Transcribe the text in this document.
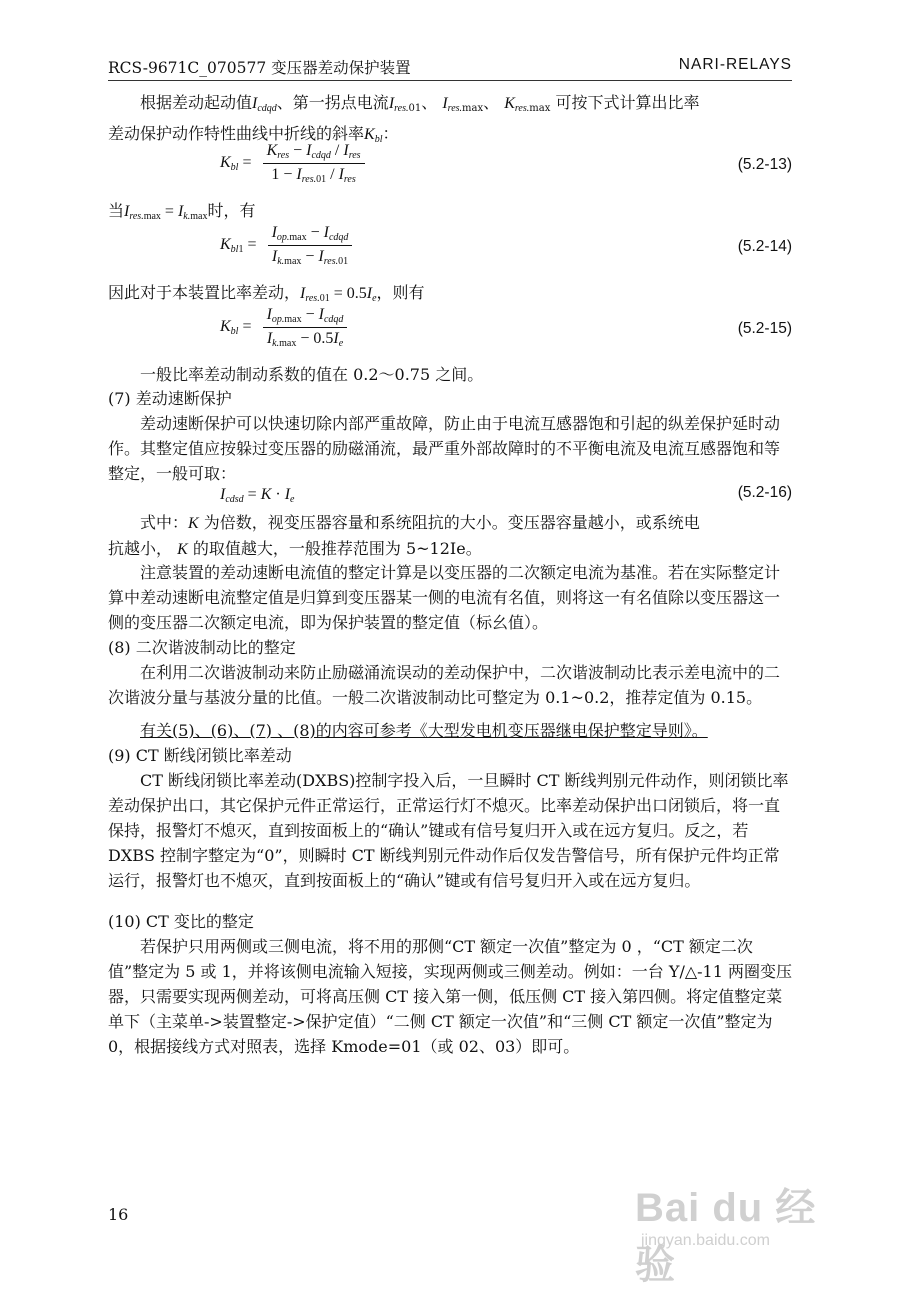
RCS-9671C_070577 变压器差动保护装置	NARI-RELAYS
根据差动起动值$I_{cdqd}$、第一拐点电流$I_{res.}01$、 $I_{res.}\max$、 $K_{res.}\max$ 可按下式计算出比率
差动保护动作特性曲线中折线的斜率$K_{bl}$：
$K_{bl} = \frac{K_{res} - I_{cdqd} / I_{res}}{1 - I_{res.01} / I_{res}}$	(5.2-13)
当$I_{res.max} = I_{k.max}$时，有
$K_{bl1} = \frac{I_{op.max} - I_{cdqd}}{I_{k.max} - I_{res.01}}$	(5.2-14)
因此对于本装置比率差动，$I_{res.01} = 0.5I_e$，则有
$K_{bl} = \frac{I_{op.max} - I_{cdqd}}{I_{k.max} - 0.5I_e}$	(5.2-15)
一般比率差动制动系数的值在 0.2～0.75 之间。
(7) 差动速断保护
差动速断保护可以快速切除内部严重故障，防止由于电流互感器饱和引起的纵差保护延时动作。其整定值应按躲过变压器的励磁涌流，最严重外部故障时的不平衡电流及电流互感器饱和等整定，一般可取：
$I_{cdsd} = K \cdot I_e$	(5.2-16)
式中：K 为倍数，视变压器容量和系统阻抗的大小。变压器容量越小，或系统电
抗越小， K 的取值越大，一般推荐范围为 5~12Ie。
注意装置的差动速断电流值的整定计算是以变压器的二次额定电流为基准。若在实际整定计算中差动速断电流整定值是归算到变压器某一侧的电流有名值，则将这一有名值除以变压器这一侧的变压器二次额定电流，即为保护装置的整定值（标幺值）。
(8) 二次谐波制动比的整定
在利用二次谐波制动来防止励磁涌流误动的差动保护中，二次谐波制动比表示差电流中的二次谐波分量与基波分量的比值。一般二次谐波制动比可整定为 0.1~0.2，推荐定值为 0.15。
有关(5)、(6)、(7) 、(8)的内容可参考《大型发电机变压器继电保护整定导则》。
(9) CT 断线闭锁比率差动
CT 断线闭锁比率差动(DXBS)控制字投入后，一旦瞬时 CT 断线判别元件动作，则闭锁比率差动保护出口，其它保护元件正常运行，正常运行灯不熄灭。比率差动保护出口闭锁后，将一直保持，报警灯不熄灭，直到按面板上的“确认”键或有信号复归开入或在远方复归。反之，若 DXBS 控制字整定为“0”，则瞬时 CT 断线判别元件动作后仅发告警信号，所有保护元件均正常运行，报警灯也不熄灭，直到按面板上的“确认”键或有信号复归开入或在远方复归。
(10) CT 变比的整定
若保护只用两侧或三侧电流，将不用的那侧“CT 额定一次值”整定为 0 ，“CT 额定二次值”整定为 5 或 1，并将该侧电流输入短接，实现两侧或三侧差动。例如：一台 Y/△-11 两圈变压器，只需要实现两侧差动，可将高压侧 CT 接入第一侧，低压侧 CT 接入第四侧。将定值整定菜单下（主菜单->装置整定->保护定值）“二侧 CT 额定一次值”和“三侧 CT 额定一次值”整定为 0，根据接线方式对照表，选择 Kmode=01（或 02、03）即可。
16	Bai du 经验
jingyan.baidu.com
